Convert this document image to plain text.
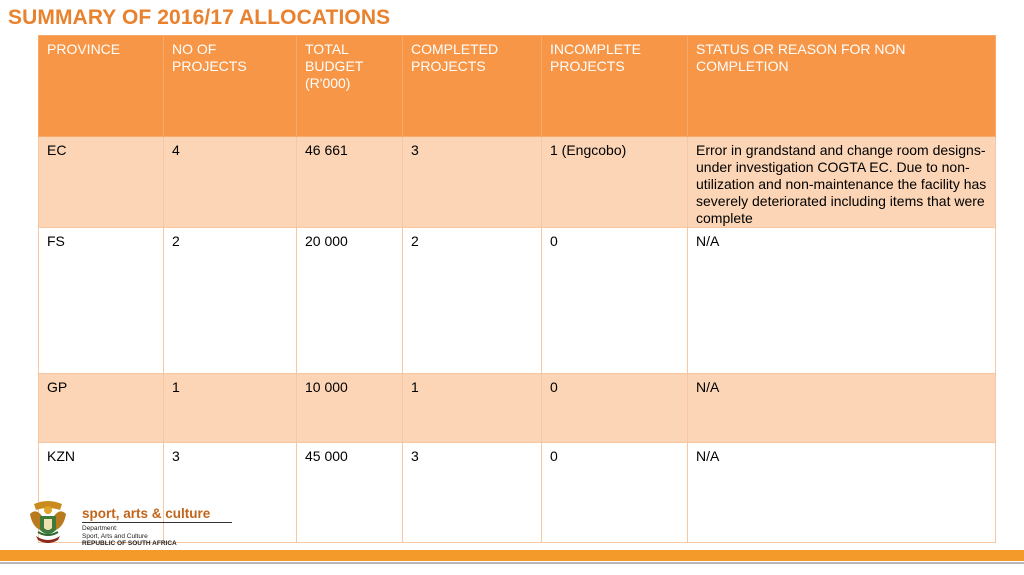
SUMMARY OF 2016/17 ALLOCATIONS
PROVINCE	NO OF PROJECTS	TOTAL BUDGET (R'000)	COMPLETED PROJECTS	INCOMPLETE PROJECTS	STATUS OR REASON FOR NON COMPLETION
EC	4	46 661	3	1 (Engcobo)	Error in grandstand and change room designs- under investigation COGTA EC. Due to non-utilization and non-maintenance the facility has severely deteriorated including items that were complete
FS	2	20 000	2	0	N/A
GP	1	10 000	1	0	N/A
KZN	3	45 000	3	0	N/A
sport, arts & culture
Department:
Sport, Arts and Culture
REPUBLIC OF SOUTH AFRICA
